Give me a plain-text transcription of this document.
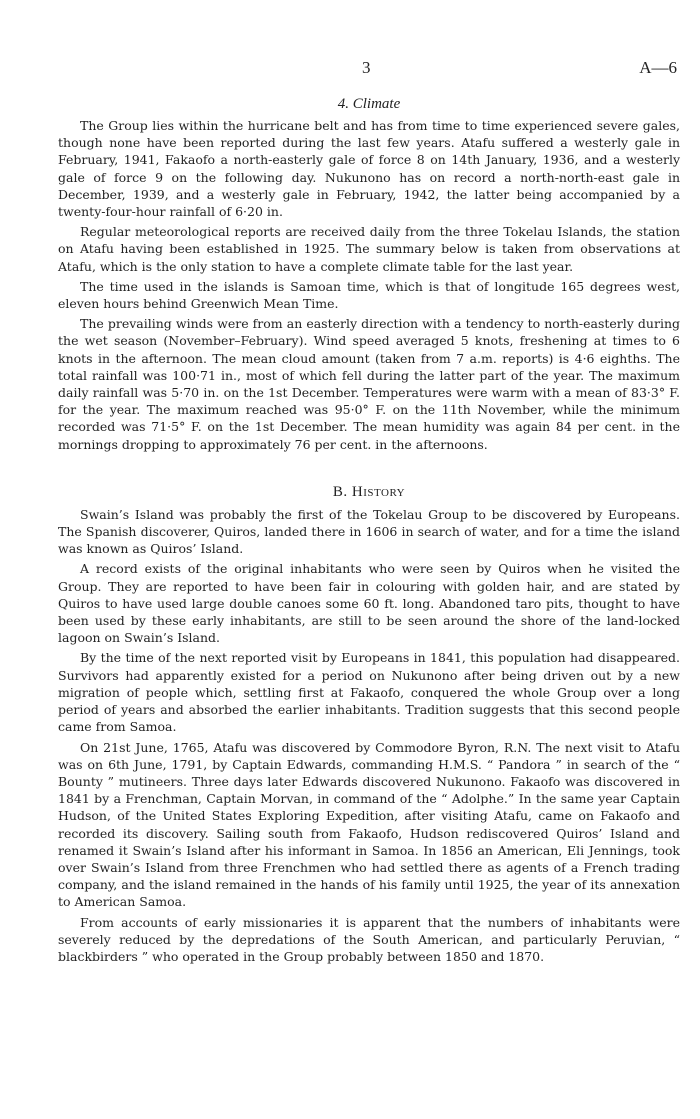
3	A—6
4. Climate

The Group lies within the hurricane belt and has from time to time experienced severe gales, though none have been reported during the last few years. Atafu suffered a westerly gale in February, 1941, Fakaofo a north-easterly gale of force 8 on 14th January, 1936, and a westerly gale of force 9 on the following day. Nukunono has on record a north-north-east gale in December, 1939, and a westerly gale in February, 1942, the latter being accompanied by a twenty-four-hour rainfall of 6·20 in.

Regular meteorological reports are received daily from the three Tokelau Islands, the station on Atafu having been established in 1925. The summary below is taken from observations at Atafu, which is the only station to have a complete climate table for the last year.

The time used in the islands is Samoan time, which is that of longitude 165 degrees west, eleven hours behind Greenwich Mean Time.

The prevailing winds were from an easterly direction with a tendency to north-easterly during the wet season (November–February). Wind speed averaged 5 knots, freshening at times to 6 knots in the afternoon. The mean cloud amount (taken from 7 a.m. reports) is 4·6 eighths. The total rainfall was 100·71 in., most of which fell during the latter part of the year. The maximum daily rainfall was 5·70 in. on the 1st December. Temperatures were warm with a mean of 83·3° F. for the year. The maximum reached was 95·0° F. on the 11th November, while the minimum recorded was 71·5° F. on the 1st December. The mean humidity was again 84 per cent. in the mornings dropping to approximately 76 per cent. in the afternoons.

B. History

Swain’s Island was probably the first of the Tokelau Group to be discovered by Europeans. The Spanish discoverer, Quiros, landed there in 1606 in search of water, and for a time the island was known as Quiros’ Island.

A record exists of the original inhabitants who were seen by Quiros when he visited the Group. They are reported to have been fair in colouring with golden hair, and are stated by Quiros to have used large double canoes some 60 ft. long. Abandoned taro pits, thought to have been used by these early inhabitants, are still to be seen around the shore of the land-locked lagoon on Swain’s Island.

By the time of the next reported visit by Europeans in 1841, this population had disappeared. Survivors had apparently existed for a period on Nukunono after being driven out by a new migration of people which, settling first at Fakaofo, conquered the whole Group over a long period of years and absorbed the earlier inhabitants. Tradition suggests that this second people came from Samoa.

On 21st June, 1765, Atafu was discovered by Commodore Byron, R.N. The next visit to Atafu was on 6th June, 1791, by Captain Edwards, commanding H.M.S. “ Pandora ” in search of the “ Bounty ” mutineers. Three days later Edwards discovered Nukunono. Fakaofo was discovered in 1841 by a Frenchman, Captain Morvan, in command of the “ Adolphe.” In the same year Captain Hudson, of the United States Exploring Expedition, after visiting Atafu, came on Fakaofo and recorded its discovery. Sailing south from Fakaofo, Hudson rediscovered Quiros’ Island and renamed it Swain’s Island after his informant in Samoa. In 1856 an American, Eli Jennings, took over Swain’s Island from three Frenchmen who had settled there as agents of a French trading company, and the island remained in the hands of his family until 1925, the year of its annexation to American Samoa.

From accounts of early missionaries it is apparent that the numbers of inhabitants were severely reduced by the depredations of the South American, and particularly Peruvian, “ blackbirders ” who operated in the Group probably between 1850 and 1870.
